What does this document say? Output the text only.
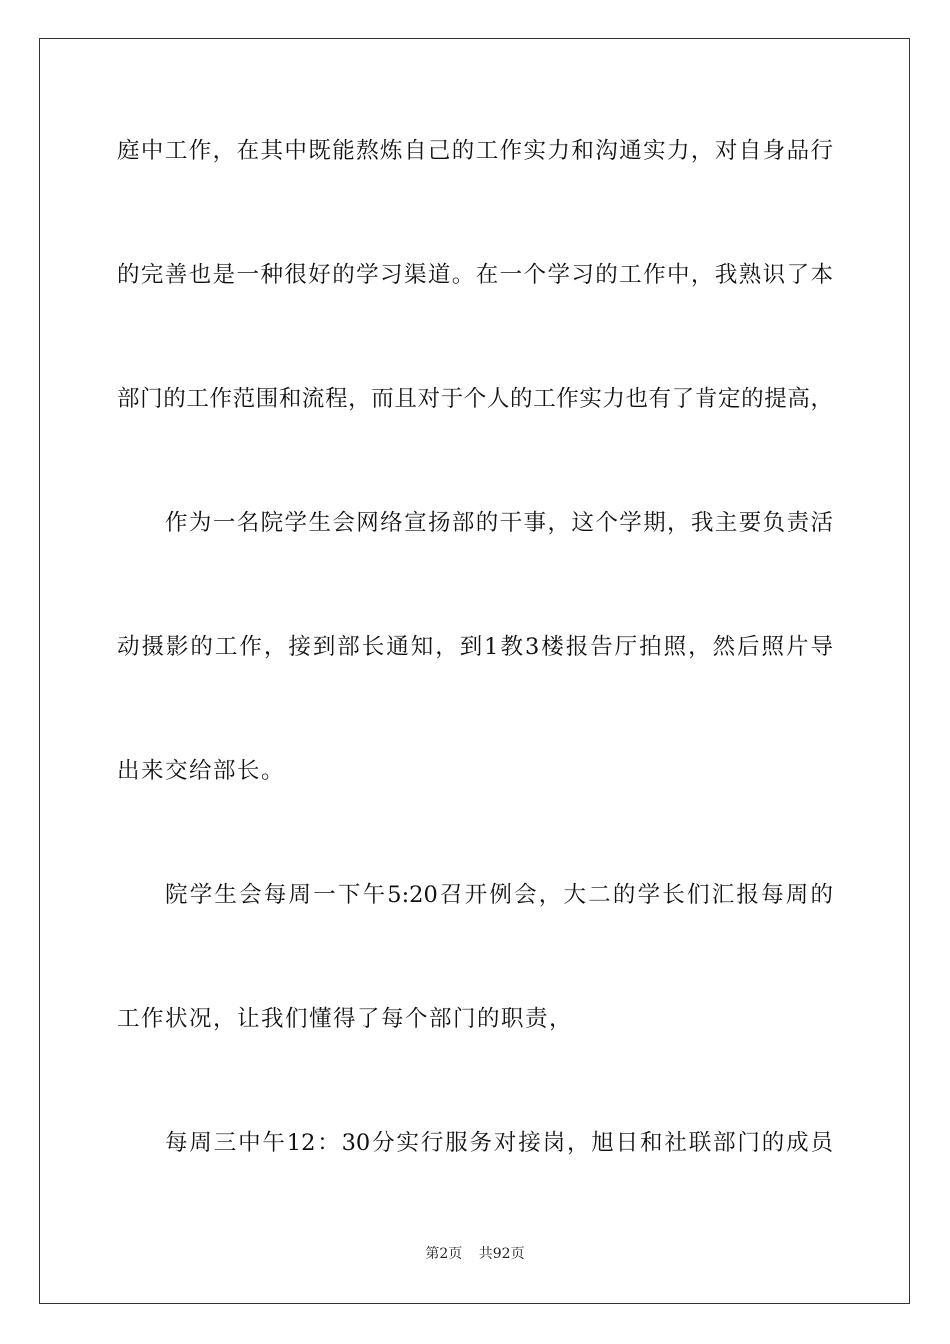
庭中工作，在其中既能熬炼自己的工作实力和沟通实力，对自身品行
的完善也是一种很好的学习渠道。在一个学习的工作中，我熟识了本
部门的工作范围和流程，而且对于个人的工作实力也有了肯定的提高，
作为一名院学生会网络宣扬部的干事，这个学期，我主要负责活
动摄影的工作，接到部长通知，到1教3楼报告厅拍照，然后照片导
出来交给部长。
院学生会每周一下午5:20召开例会，大二的学长们汇报每周的
工作状况，让我们懂得了每个部门的职责，
每周三中午12：30分实行服务对接岗，旭日和社联部门的成员
第2页 共92页
